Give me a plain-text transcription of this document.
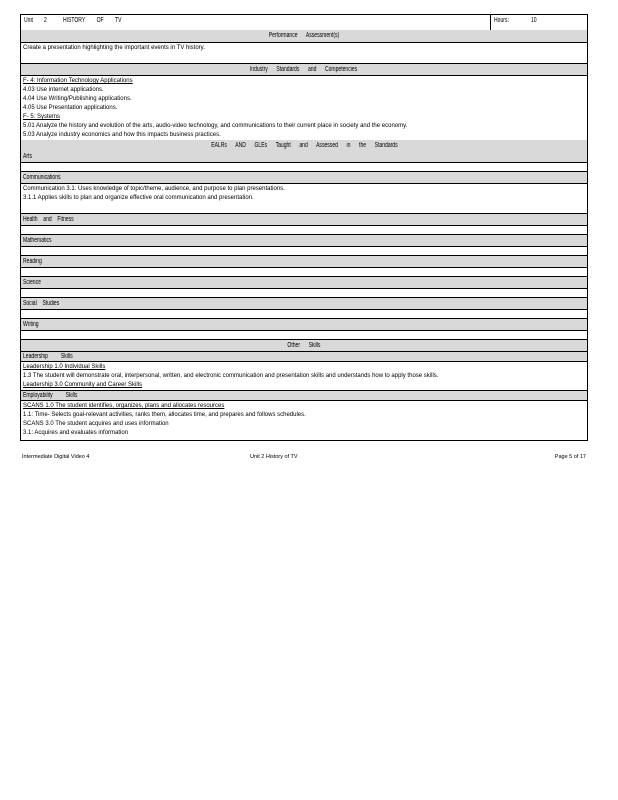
Unit 2 HISTORY OF TV	Hours:	10
Performance Assessment(s)
Create a presentation highlighting the important events in TV history.
Industry Standards and Competencies
F- 4: Information Technology Applications
4.03 Use internet applications.
4.04 Use Writing/Publishing applications.
4.05 Use Presentation applications.
F- 5: Systems
5.01 Analyze the history and evolution of the arts, audio-video technology, and communications to their current place in society and the economy.
5.03 Analyze industry economics and how this impacts business practices.
EALRs AND GLEs Taught and Assessed in the Standards
Arts
Communications
Communication 3.1: Uses knowledge of topic/theme, audience, and purpose to plan presentations.
3.1.1 Applies skills to plan and organize effective oral communication and presentation.
Health and Fitness
Mathematics
Reading
Science
Social Studies
Writing
Other Skills
Leadership Skills
Leadership 1.0 Individual Skills
1.3 The student will demonstrate oral, interpersonal, written, and electronic communication and presentation skills and understands how to apply those skills.
Leadership 3.0 Community and Career Skills
Employability Skills
SCANS 1.0 The student identifies, organizes, plans and allocates resources
1.1: Time- Selects goal-relevant activities, ranks them, allocates time, and prepares and follows schedules.
SCANS 3.0 The student acquires and uses information
3.1: Acquires and evaluates information
Intermediate Digital Video 4	Unit 2 History of TV	Page 5 of 17
